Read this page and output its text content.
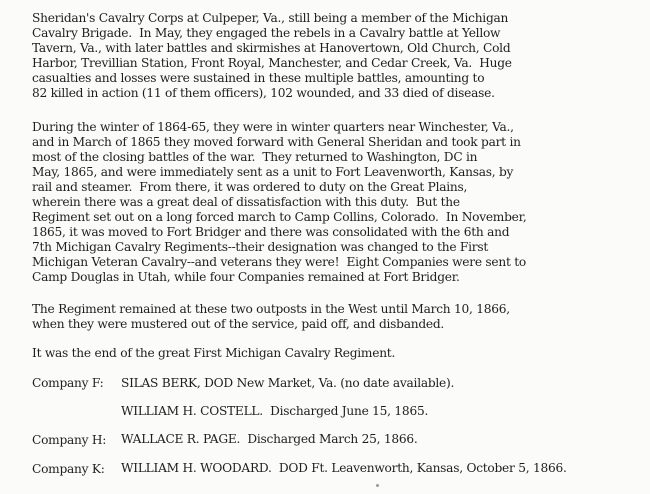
Sheridan's Cavalry Corps at Culpeper, Va., still being a member of the Michigan
Cavalry Brigade.  In May, they engaged the rebels in a Cavalry battle at Yellow
Tavern, Va., with later battles and skirmishes at Hanovertown, Old Church, Cold
Harbor, Trevillian Station, Front Royal, Manchester, and Cedar Creek, Va.  Huge
casualties and losses were sustained in these multiple battles, amounting to
82 killed in action (11 of them officers), 102 wounded, and 33 died of disease.
During the winter of 1864-65, they were in winter quarters near Winchester, Va.,
and in March of 1865 they moved forward with General Sheridan and took part in
most of the closing battles of the war.  They returned to Washington, DC in
May, 1865, and were immediately sent as a unit to Fort Leavenworth, Kansas, by
rail and steamer.  From there, it was ordered to duty on the Great Plains,
wherein there was a great deal of dissatisfaction with this duty.  But the
Regiment set out on a long forced march to Camp Collins, Colorado.  In November,
1865, it was moved to Fort Bridger and there was consolidated with the 6th and
7th Michigan Cavalry Regiments--their designation was changed to the First
Michigan Veteran Cavalry--and veterans they were!  Eight Companies were sent to
Camp Douglas in Utah, while four Companies remained at Fort Bridger.
The Regiment remained at these two outposts in the West until March 10, 1866,
when they were mustered out of the service, paid off, and disbanded.
It was the end of the great First Michigan Cavalry Regiment.
Company F: SILAS BERK, DOD New Market, Va. (no date available).
WILLIAM H. COSTELL.  Discharged June 15, 1865.
Company H: WALLACE R. PAGE.  Discharged March 25, 1866.
Company K: WILLIAM H. WOODARD.  DOD Ft. Leavenworth, Kansas, October 5, 1866.
